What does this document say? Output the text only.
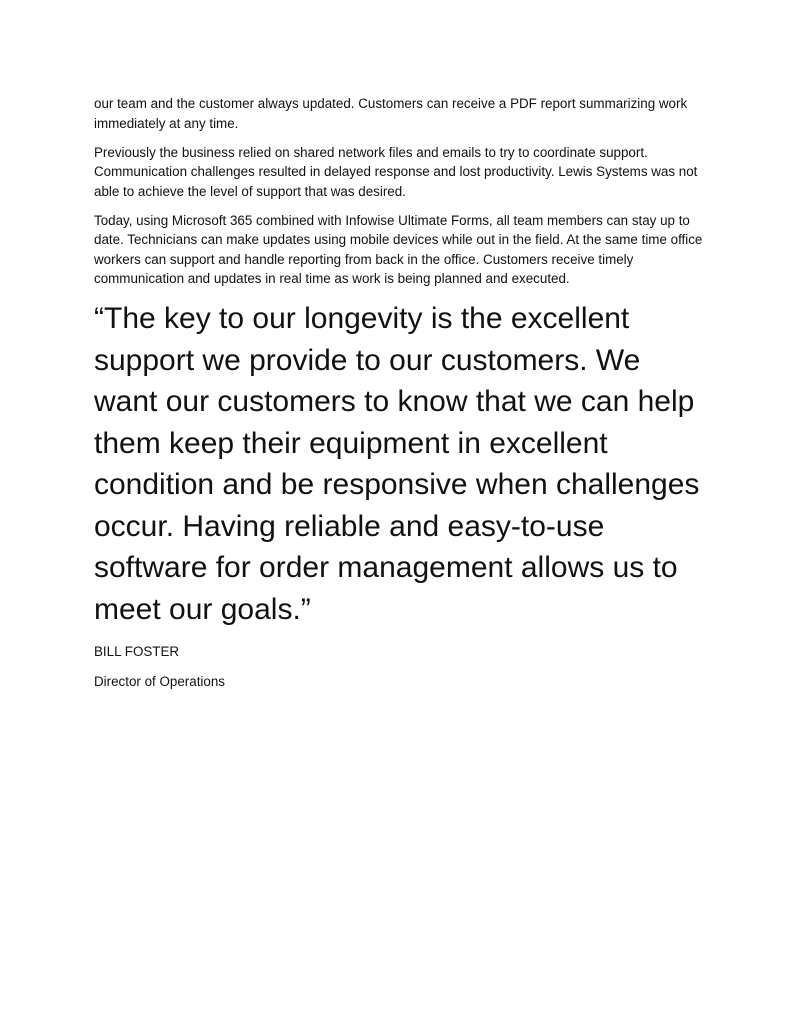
our team and the customer always updated. Customers can receive a PDF report summarizing work immediately at any time.

Previously the business relied on shared network files and emails to try to coordinate support. Communication challenges resulted in delayed response and lost productivity. Lewis Systems was not able to achieve the level of support that was desired.

Today, using Microsoft 365 combined with Infowise Ultimate Forms, all team members can stay up to date. Technicians can make updates using mobile devices while out in the field. At the same time office workers can support and handle reporting from back in the office. Customers receive timely communication and updates in real time as work is being planned and executed.

“The key to our longevity is the excellent support we provide to our customers. We want our customers to know that we can help them keep their equipment in excellent condition and be responsive when challenges occur. Having reliable and easy-to-use software for order management allows us to meet our goals.”

BILL FOSTER

Director of Operations
